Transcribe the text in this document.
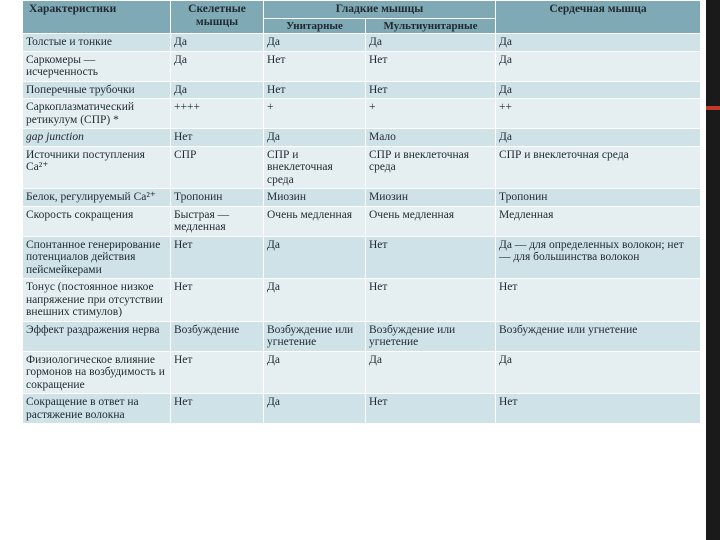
Характеристики	Скелетные мышцы	Гладкие мышцы		Сердечная мышца
		Унитарные	Мультиунитарные	
Толстые и тонкие	Да	Да	Да	Да
Саркомеры — исчерченность	Да	Нет	Нет	Да
Поперечные трубочки	Да	Нет	Нет	Да
Саркоплазматический ретикулум (СПР) *	++++	+	+	++
gap junction	Нет	Да	Мало	Да
Источники поступления Ca²⁺	СПР	СПР и внеклеточная среда	СПР и внеклеточная среда	СПР и внеклеточная среда
Белок, регулируемый Ca²⁺	Тропонин	Миозин	Миозин	Тропонин
Скорость сокращения	Быстрая — медленная	Очень медленная	Очень медленная	Медленная
Спонтанное генерирование потенциалов действия пейсмейкерами	Нет	Да	Нет	Да — для определенных волокон; нет — для большинства волокон
Тонус (постоянное низкое напряжение при отсутствии внешних стимулов)	Нет	Да	Нет	Нет
Эффект раздражения нерва	Возбуждение	Возбуждение или угнетение	Возбуждение или угнетение	Возбуждение или угнетение
Физиологическое влияние гормонов на возбудимость и сокращение	Нет	Да	Да	Да
Сокращение в ответ на растяжение волокна	Нет	Да	Нет	Нет
